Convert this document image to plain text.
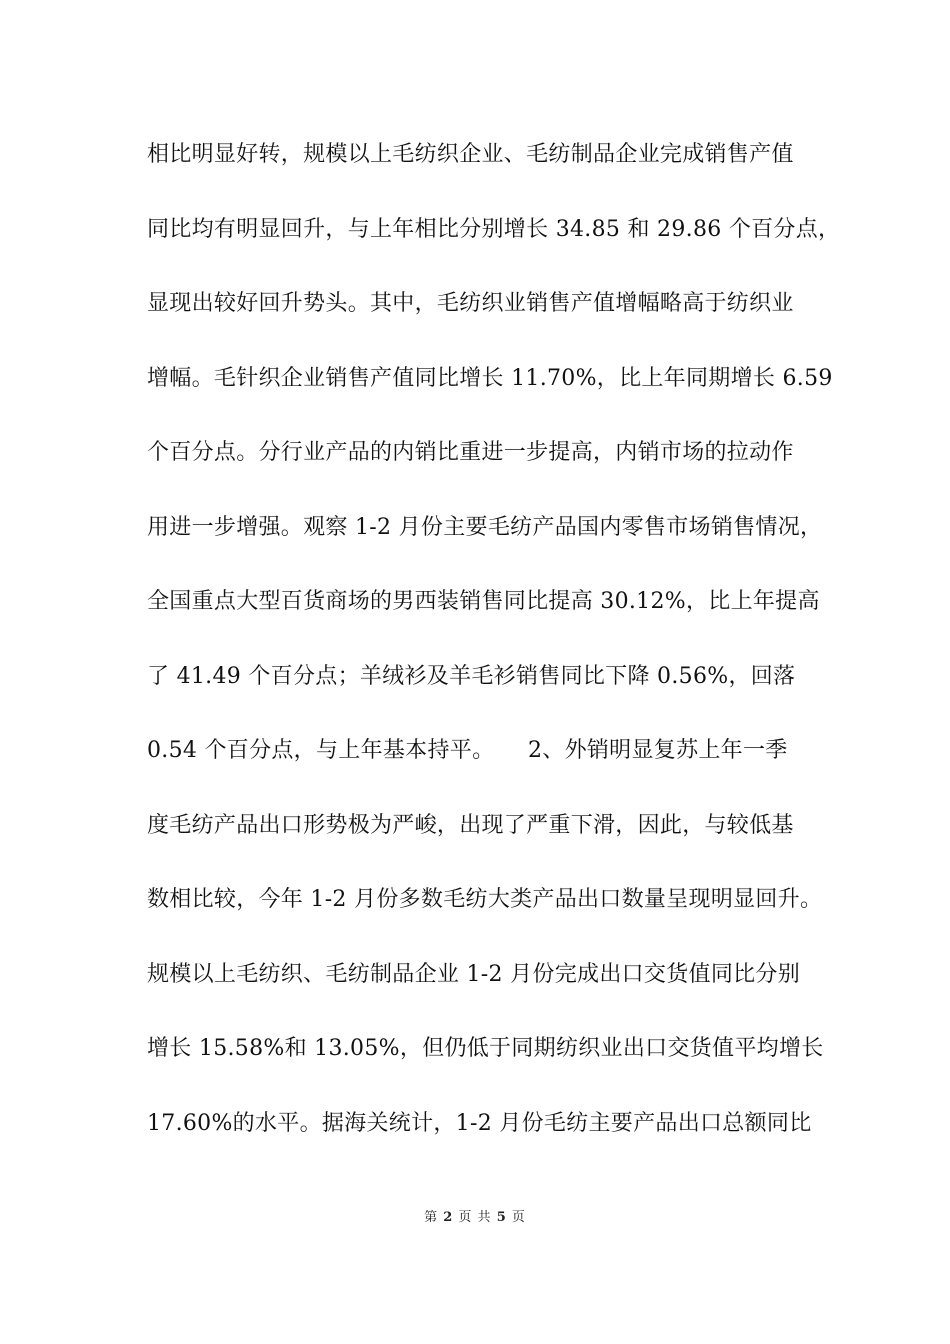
相比明显好转，规模以上毛纺织企业、毛纺制品企业完成销售产值
同比均有明显回升，与上年相比分别增长 34.85 和 29.86 个百分点，
显现出较好回升势头。其中，毛纺织业销售产值增幅略高于纺织业
增幅。毛针织企业销售产值同比增长 11.70%，比上年同期增长 6.59
个百分点。分行业产品的内销比重进一步提高，内销市场的拉动作
用进一步增强。观察 1-2 月份主要毛纺产品国内零售市场销售情况，
全国重点大型百货商场的男西装销售同比提高 30.12%，比上年提高
了 41.49 个百分点；羊绒衫及羊毛衫销售同比下降 0.56%，回落
0.54 个百分点，与上年基本持平。　　2、外销明显复苏上年一季
度毛纺产品出口形势极为严峻，出现了严重下滑，因此，与较低基
数相比较，今年 1-2 月份多数毛纺大类产品出口数量呈现明显回升。
规模以上毛纺织、毛纺制品企业 1-2 月份完成出口交货值同比分别
增长 15.58%和 13.05%，但仍低于同期纺织业出口交货值平均增长
17.60%的水平。据海关统计，1-2 月份毛纺主要产品出口总额同比
第 2 页 共 5 页
